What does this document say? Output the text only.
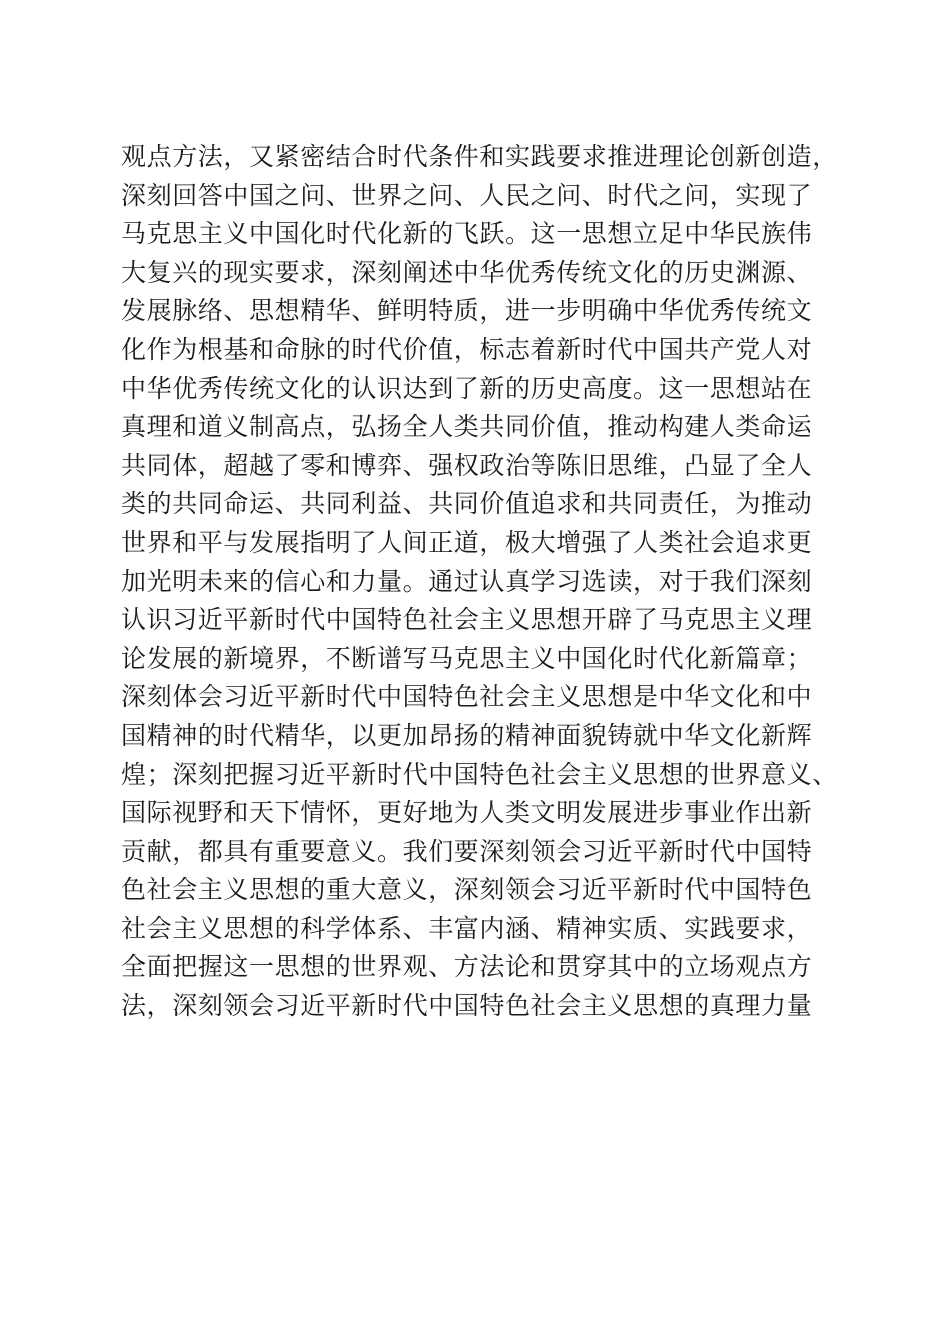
观点方法，又紧密结合时代条件和实践要求推进理论创新创造，
深刻回答中国之问、世界之问、人民之问、时代之问，实现了
马克思主义中国化时代化新的飞跃。这一思想立足中华民族伟
大复兴的现实要求，深刻阐述中华优秀传统文化的历史渊源、
发展脉络、思想精华、鲜明特质，进一步明确中华优秀传统文
化作为根基和命脉的时代价值，标志着新时代中国共产党人对
中华优秀传统文化的认识达到了新的历史高度。这一思想站在
真理和道义制高点，弘扬全人类共同价值，推动构建人类命运
共同体，超越了零和博弈、强权政治等陈旧思维，凸显了全人
类的共同命运、共同利益、共同价值追求和共同责任，为推动
世界和平与发展指明了人间正道，极大增强了人类社会追求更
加光明未来的信心和力量。通过认真学习选读，对于我们深刻
认识习近平新时代中国特色社会主义思想开辟了马克思主义理
论发展的新境界，不断谱写马克思主义中国化时代化新篇章；
深刻体会习近平新时代中国特色社会主义思想是中华文化和中
国精神的时代精华，以更加昂扬的精神面貌铸就中华文化新辉
煌；深刻把握习近平新时代中国特色社会主义思想的世界意义、
国际视野和天下情怀，更好地为人类文明发展进步事业作出新
贡献，都具有重要意义。我们要深刻领会习近平新时代中国特
色社会主义思想的重大意义，深刻领会习近平新时代中国特色
社会主义思想的科学体系、丰富内涵、精神实质、实践要求，
全面把握这一思想的世界观、方法论和贯穿其中的立场观点方
法，深刻领会习近平新时代中国特色社会主义思想的真理力量
